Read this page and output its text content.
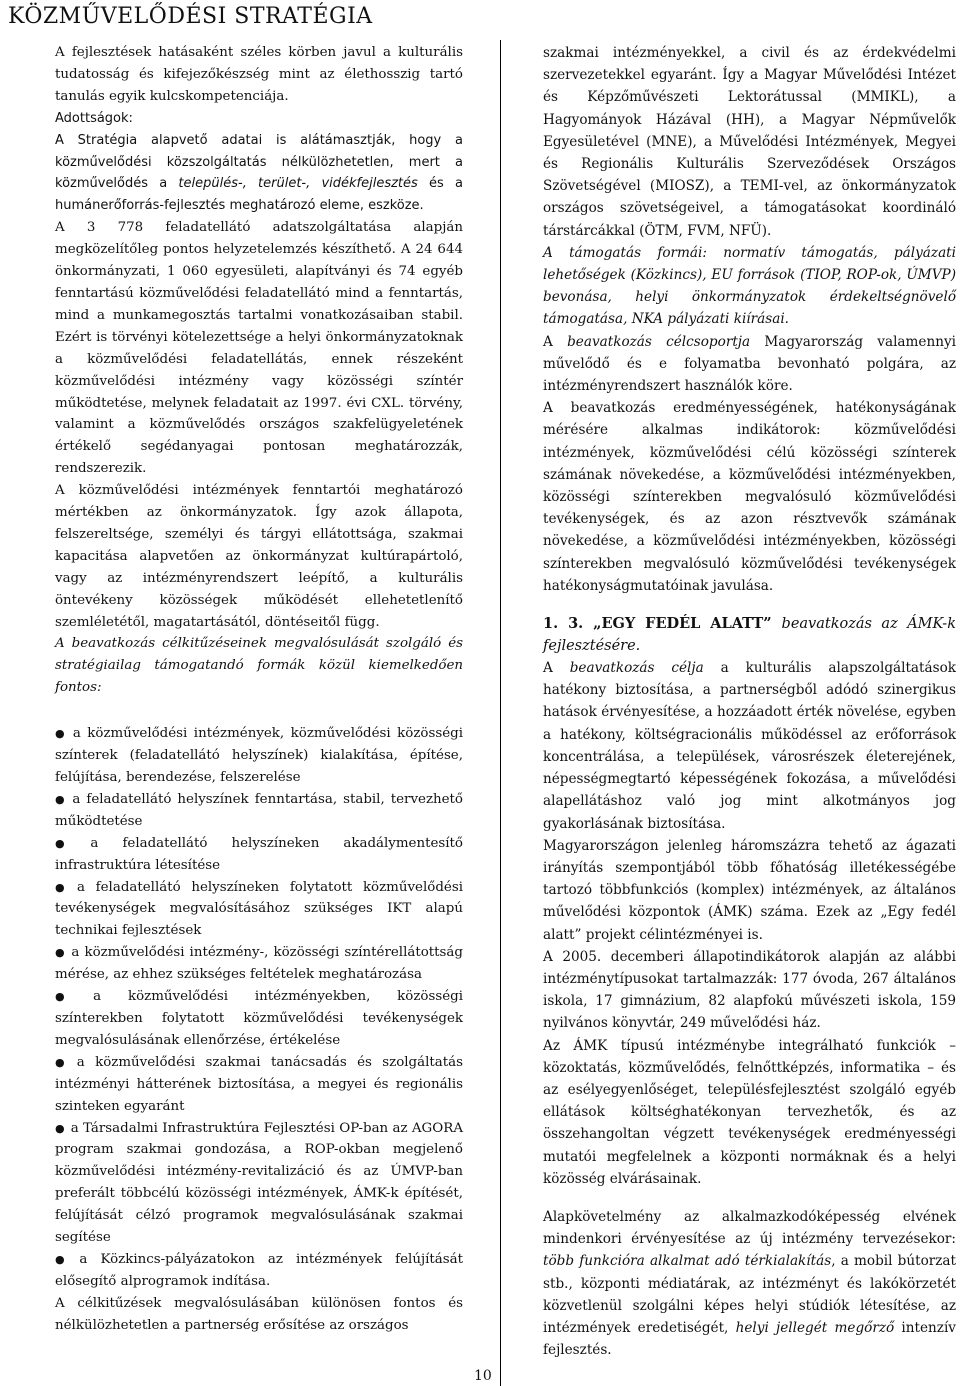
KÖZMŰVELŐDÉSI STRATÉGIA

A fejlesztések hatásaként széles körben javul a kulturális tudatosság és kifejezőkészség mint az élethosszig tartó tanulás egyik kulcskompetenciája.

Adottságok:

A Stratégia alapvető adatai is alátámasztják, hogy a közművelődési közszolgáltatás nélkülözhetetlen, mert a közművelődés a település-, terület-, vidékfejlesztés és a humánerőforrás-fejlesztés meghatározó eleme, eszköze.

A 3 778 feladatellátó adatszolgáltatása alapján megközelítőleg pontos helyzetelemzés készíthető. A 24 644 önkormányzati, 1 060 egyesületi, alapítványi és 74 egyéb fenntartású közművelődési feladatellátó mind a fenntartás, mind a munkamegosztás tartalmi vonatkozásaiban stabil. Ezért is törvényi kötelezettsége a helyi önkormányzatoknak a közművelődési feladatellátás, ennek részeként közművelődési intézmény vagy közösségi színtér működtetése, melynek feladatait az 1997. évi CXL. törvény, valamint a közművelődés országos szakfelügyeletének értékelő segédanyagai pontosan meghatározzák, rendszerezik.

A közművelődési intézmények fenntartói meghatározó mértékben az önkormányzatok. Így azok állapota, felszereltsége, személyi és tárgyi ellátottsága, szakmai kapacitása alapvetően az önkormányzat kultúrapártoló, vagy az intézményrendszert leépítő, a kulturális öntevékeny közösségek működését ellehetetlenítő szemléletétől, magatartásától, döntéseitől függ.

A beavatkozás célkitűzéseinek megvalósulását szolgáló és stratégiailag támogatandó formák közül kiemelkedően fontos:

● a közművelődési intézmények, közművelődési közösségi színterek (feladatellátó helyszínek) kialakítása, építése, felújítása, berendezése, felszerelése
● a feladatellátó helyszínek fenntartása, stabil, tervezhető működtetése
● a feladatellátó helyszíneken akadálymentesítő infrastruktúra létesítése
● a feladatellátó helyszíneken folytatott közművelődési tevékenységek megvalósításához szükséges IKT alapú technikai fejlesztések
● a közművelődési intézmény-, közösségi színtérellátottság mérése, az ehhez szükséges feltételek meghatározása
● a közművelődési intézményekben, közösségi színterekben folytatott közművelődési tevékenységek megvalósulásának ellenőrzése, értékelése
● a közművelődési szakmai tanácsadás és szolgáltatás intézményi hátterének biztosítása, a megyei és regionális szinteken egyaránt
● a Társadalmi Infrastruktúra Fejlesztési OP-ban az AGORA program szakmai gondozása, a ROP-okban megjelenő közművelődési intézmény-revitalizáció és az ÚMVP-ban preferált többcélú közösségi intézmények, ÁMK-k építését, felújítását célzó programok megvalósulásának szakmai segítése
● a Közkincs-pályázatokon az intézmények felújítását elősegítő alprogramok indítása.

A célkitűzések megvalósulásában különösen fontos és nélkülözhetetlen a partnerség erősítése az országos

szakmai intézményekkel, a civil és az érdekvédelmi szervezetekkel egyaránt. Így a Magyar Művelődési Intézet és Képzőművészeti Lektorátussal (MMIKL), a Hagyományok Házával (HH), a Magyar Népművelők Egyesületével (MNE), a Művelődési Intézmények, Megyei és Regionális Kulturális Szerveződések Országos Szövetségével (MIOSZ), a TEMI-vel, az önkormányzatok országos szövetségeivel, a támogatásokat koordináló társtárcákkal (ÖTM, FVM, NFÜ).

A támogatás formái: normatív támogatás, pályázati lehetőségek (Közkincs), EU források (TIOP, ROP-ok, ÚMVP) bevonása, helyi önkormányzatok érdekeltségnövelő támogatása, NKA pályázati kiírásai.

A beavatkozás célcsoportja Magyarország valamennyi művelődő és e folyamatba bevonható polgára, az intézményrendszert használók köre.

A beavatkozás eredményességének, hatékonyságának mérésére alkalmas indikátorok: közművelődési intézmények, közművelődési célú közösségi színterek számának növekedése, a közművelődési intézményekben, közösségi színterekben megvalósuló közművelődési tevékenységek, és az azon résztvevők számának növekedése, a közművelődési intézményekben, közösségi színterekben megvalósuló közművelődési tevékenységek hatékonyságmutatóinak javulása.

1. 3. „EGY FEDÉL ALATT” beavatkozás az ÁMK-k fejlesztésére.

A beavatkozás célja a kulturális alapszolgáltatások hatékony biztosítása, a partnerségből adódó szinergikus hatások érvényesítése, a hozzáadott érték növelése, egyben a hatékony, költségracionális működéssel az erőforrások koncentrálása, a települések, városrészek életerejének, népességmegtartó képességének fokozása, a művelődési alapellátáshoz való jog mint alkotmányos jog gyakorlásának biztosítása.

Magyarországon jelenleg háromszázra tehető az ágazati irányítás szempontjából több főhatóság illetékességébe tartozó többfunkciós (komplex) intézmények, az általános művelődési központok (ÁMK) száma. Ezek az „Egy fedél alatt” projekt célintézményei is.

A 2005. decemberi állapotindikátorok alapján az alábbi intézménytípusokat tartalmazzák: 177 óvoda, 267 általános iskola, 17 gimnázium, 82 alapfokú művészeti iskola, 159 nyilvános könyvtár, 249 művelődési ház.

Az ÁMK típusú intézménybe integrálható funkciók – közoktatás, közművelődés, felnőttképzés, informatika – és az esélyegyenlőséget, településfejlesztést szolgáló egyéb ellátások költséghatékonyan tervezhetők, és az összehangoltan végzett tevékenységek eredményességi mutatói megfelelnek a központi normáknak és a helyi közösség elvárásainak.

Alapkövetelmény az alkalmazkodóképesség elvének mindenkori érvényesítése az új intézmény tervezésekor: több funkcióra alkalmat adó térkialakítás, a mobil bútorzat stb., központi médiatárak, az intézményt és lakókörzetét közvetlenül szolgálni képes helyi stúdiók létesítése, az intézmények eredetiségét, helyi jellegét megőrző intenzív fejlesztés.

10
